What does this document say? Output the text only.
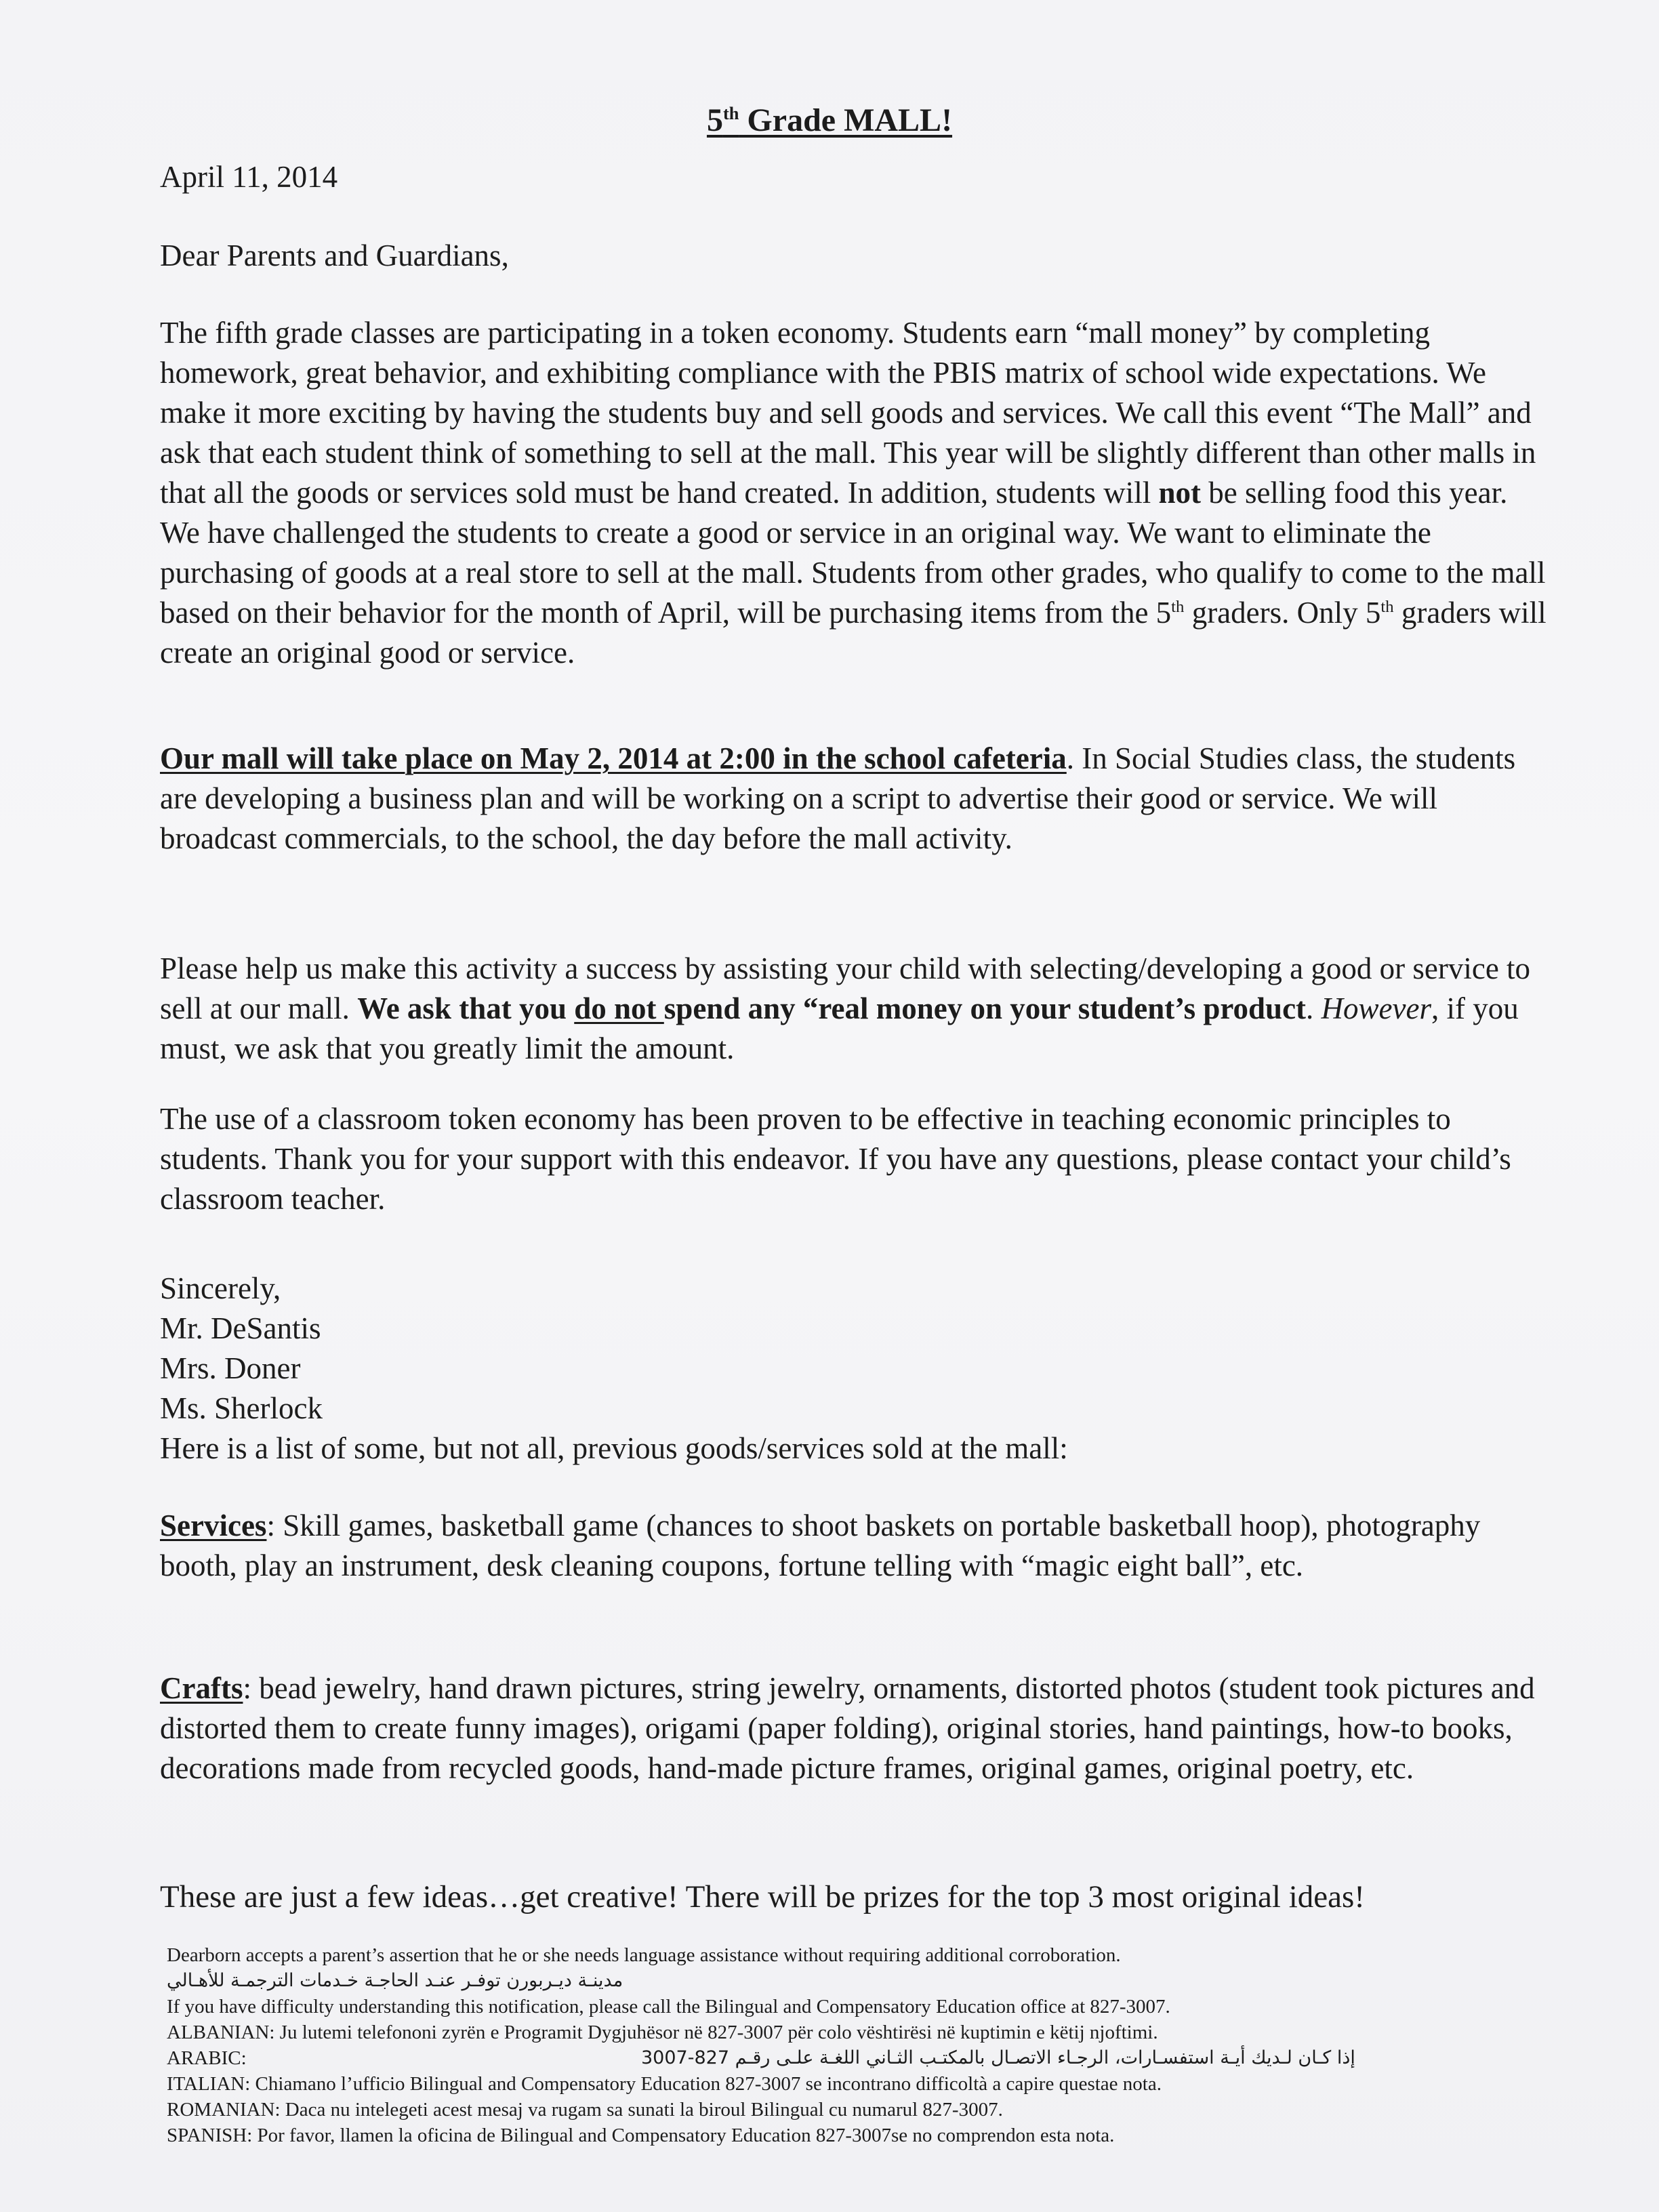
5th Grade MALL!

April 11, 2014

Dear Parents and Guardians,

The fifth grade classes are participating in a token economy. Students earn “mall money” by completing homework, great behavior, and exhibiting compliance with the PBIS matrix of school wide expectations. We make it more exciting by having the students buy and sell goods and services. We call this event “The Mall” and ask that each student think of something to sell at the mall. This year will be slightly different than other malls in that all the goods or services sold must be hand created. In addition, students will not be selling food this year. We have challenged the students to create a good or service in an original way. We want to eliminate the purchasing of goods at a real store to sell at the mall. Students from other grades, who qualify to come to the mall based on their behavior for the month of April, will be purchasing items from the 5th graders. Only 5th graders will create an original good or service.

Our mall will take place on May 2, 2014 at 2:00 in the school cafeteria. In Social Studies class, the students are developing a business plan and will be working on a script to advertise their good or service. We will broadcast commercials, to the school, the day before the mall activity.

Please help us make this activity a success by assisting your child with selecting/developing a good or service to sell at our mall. We ask that you do not spend any “real money on your student’s product. However, if you must, we ask that you greatly limit the amount.

The use of a classroom token economy has been proven to be effective in teaching economic principles to students. Thank you for your support with this endeavor. If you have any questions, please contact your child’s classroom teacher.

Sincerely,

Mr. DeSantis

Mrs. Doner

Ms. Sherlock

Here is a list of some, but not all, previous goods/services sold at the mall:

Services: Skill games, basketball game (chances to shoot baskets on portable basketball hoop), photography booth, play an instrument, desk cleaning coupons, fortune telling with “magic eight ball”, etc.

Crafts: bead jewelry, hand drawn pictures, string jewelry, ornaments, distorted photos (student took pictures and distorted them to create funny images), origami (paper folding), original stories, hand paintings, how-to books, decorations made from recycled goods, hand-made picture frames, original games, original poetry, etc.

These are just a few ideas…get creative! There will be prizes for the top 3 most original ideas!

Dearborn accepts a parent’s assertion that he or she needs language assistance without requiring additional corroboration.
مدينـة ديـربورن توفـر عنـد الحاجـة خـدمات الترجمـة للأهـالي
If you have difficulty understanding this notification, please call the Bilingual and Compensatory Education office at 827-3007.
ALBANIAN: Ju lutemi telefononi zyrën e Programit Dygjuhësor në 827-3007 për colo vështirësi në kuptimin e këtij njoftimi.
ARABIC:	إذا كـان لـديك أيـة استفسـارات، الرجـاء الاتصـال بالمكتـب الثـاني اللغـة علـى رقـم 827-3007
ITALIAN: Chiamano l’ufficio Bilingual and Compensatory Education 827-3007 se incontrano difficoltà a capire questae nota.
ROMANIAN: Daca nu intelegeti acest mesaj va rugam sa sunati la biroul Bilingual cu numarul 827-3007.
SPANISH: Por favor, llamen la oficina de Bilingual and Compensatory Education 827-3007se no comprendon esta nota.
